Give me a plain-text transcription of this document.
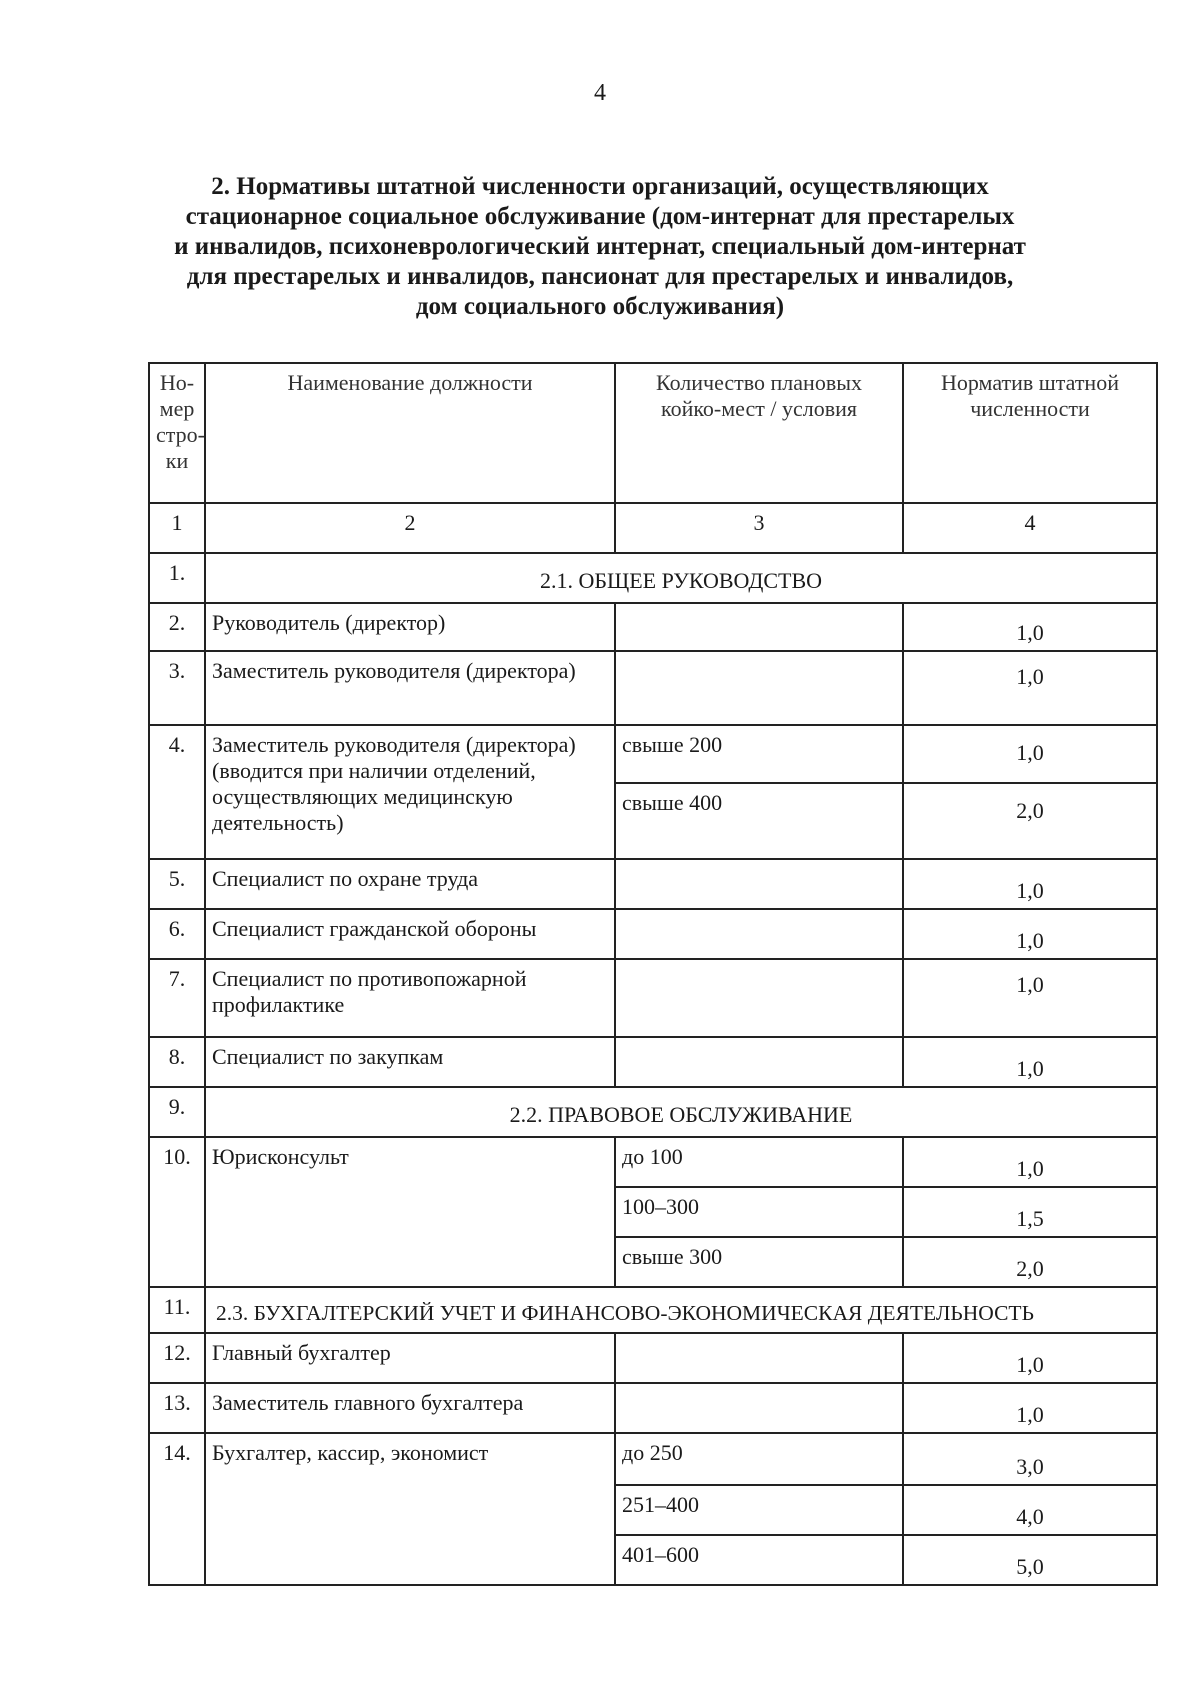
4
2. Нормативы штатной численности организаций, осуществляющих
стационарное социальное обслуживание (дом-интернат для престарелых
и инвалидов, психоневрологический интернат, специальный дом-интернат
для престарелых и инвалидов, пансионат для престарелых и инвалидов,
дом социального обслуживания)
Но-
мер
стро-
ки	Наименование должности	Количество плановых койко-мест / условия	Норматив штатной численности
1	2	3	4
1.	2.1. ОБЩЕЕ РУКОВОДСТВО		
2.	Руководитель (директор)		1,0
3.	Заместитель руководителя (директора)		1,0
4.	Заместитель руководителя (директора) (вводится при наличии отделений, осуществляющих медицинскую деятельность)	свыше 200	1,0
		свыше 400	2,0
5.	Специалист по охране труда		1,0
6.	Специалист гражданской обороны		1,0
7.	Специалист по противопожарной профилактике		1,0
8.	Специалист по закупкам		1,0
9.	2.2. ПРАВОВОЕ ОБСЛУЖИВАНИЕ		
10.	Юрисконсульт	до 100	1,0
		100–300	1,5
		свыше 300	2,0
11.	2.3. БУХГАЛТЕРСКИЙ УЧЕТ И ФИНАНСОВО-ЭКОНОМИЧЕСКАЯ ДЕЯТЕЛЬНОСТЬ		
12.	Главный бухгалтер		1,0
13.	Заместитель главного бухгалтера		1,0
14.	Бухгалтер, кассир, экономист	до 250	3,0
		251–400	4,0
		401–600	5,0
